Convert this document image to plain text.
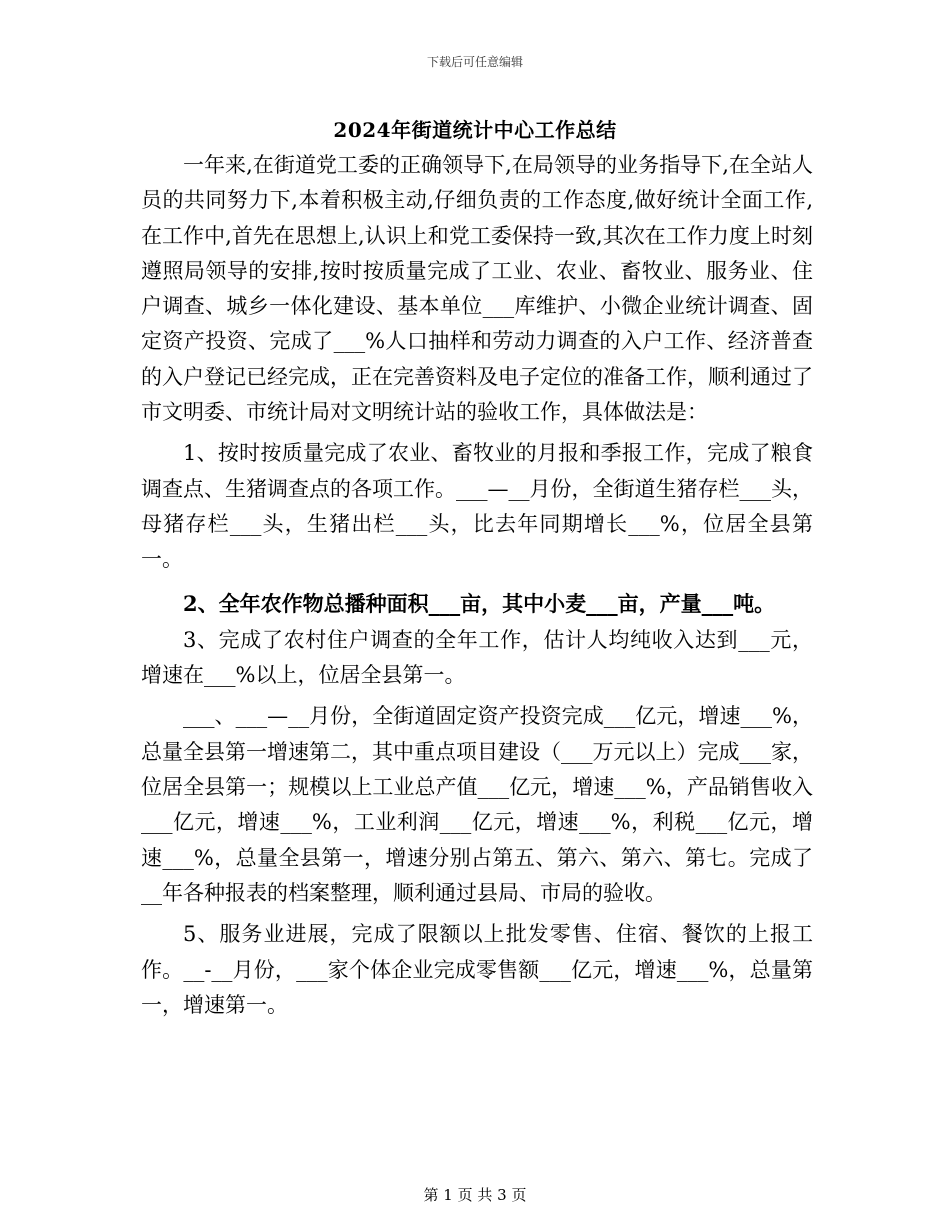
下载后可任意编辑
2024年街道统计中心工作总结

一年来,在街道党工委的正确领导下,在局领导的业务指导下,在全站人员的共同努力下,本着积极主动,仔细负责的工作态度,做好统计全面工作,在工作中,首先在思想上,认识上和党工委保持一致,其次在工作力度上时刻遵照局领导的安排,按时按质量完成了工业、农业、畜牧业、服务业、住户调查、城乡一体化建设、基本单位___库维护、小微企业统计调查、固定资产投资、完成了___%人口抽样和劳动力调查的入户工作、经济普查的入户登记已经完成，正在完善资料及电子定位的准备工作，顺利通过了市文明委、市统计局对文明统计站的验收工作，具体做法是：

1、按时按质量完成了农业、畜牧业的月报和季报工作，完成了粮食调查点、生猪调查点的各项工作。___—__月份，全街道生猪存栏___头，母猪存栏___头，生猪出栏___头，比去年同期增长___%，位居全县第一。

2、全年农作物总播种面积___亩，其中小麦___亩，产量___吨。

3、完成了农村住户调查的全年工作，估计人均纯收入达到___元，增速在___%以上，位居全县第一。

___、___—__月份，全街道固定资产投资完成___亿元，增速___%，总量全县第一增速第二，其中重点项目建设（___万元以上）完成___家，位居全县第一；规模以上工业总产值___亿元，增速___%，产品销售收入___亿元，增速___%，工业利润___亿元，增速___%，利税___亿元，增速___%，总量全县第一，增速分别占第五、第六、第六、第七。完成了__年各种报表的档案整理，顺利通过县局、市局的验收。

5、服务业进展，完成了限额以上批发零售、住宿、餐饮的上报工作。__-__月份，___家个体企业完成零售额___亿元，增速___%，总量第一，增速第一。

第 1 页 共 3 页
